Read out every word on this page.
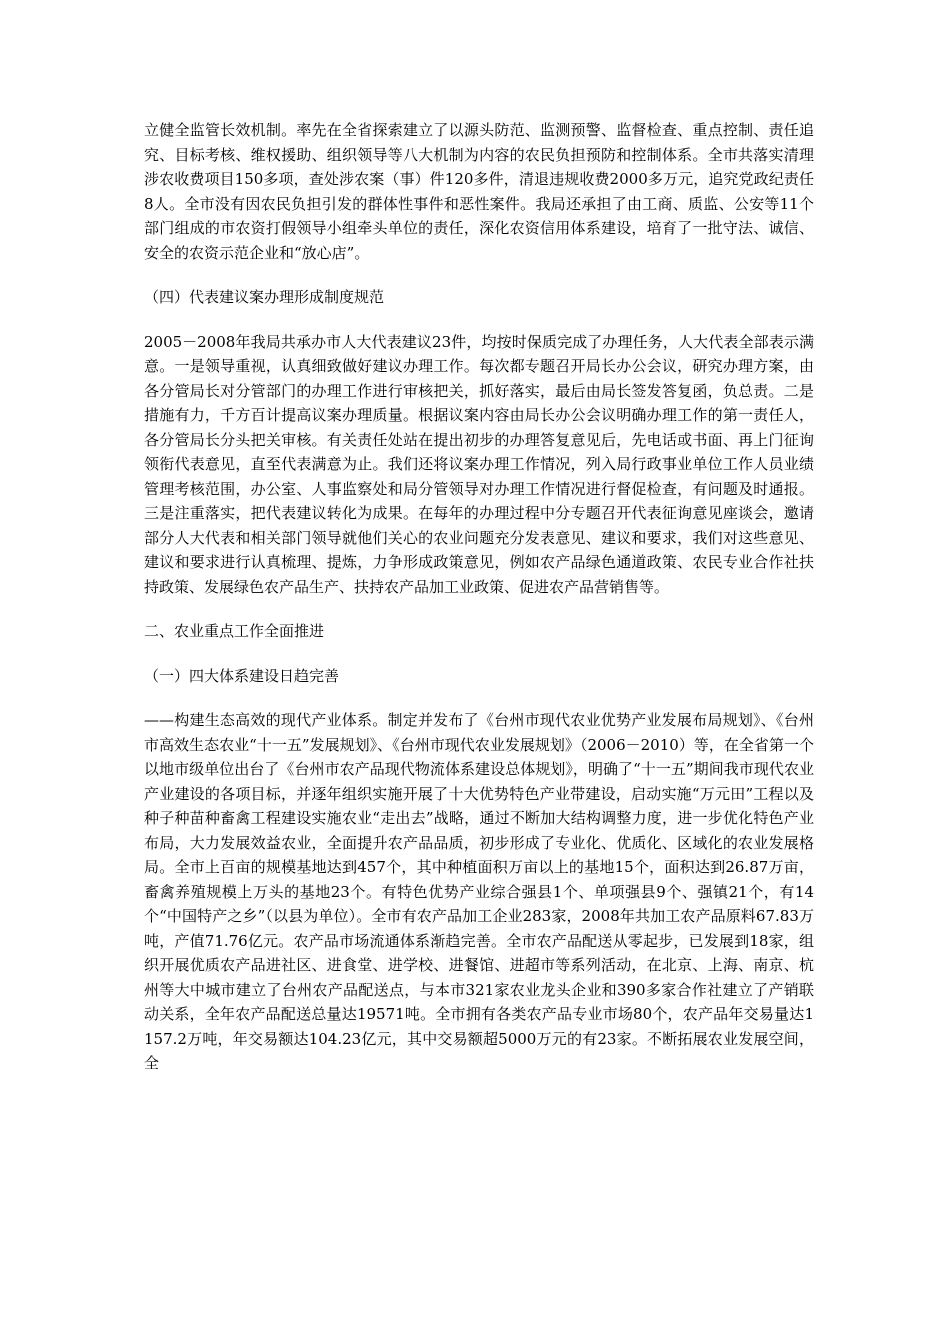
立健全监管长效机制。率先在全省探索建立了以源头防范、监测预警、监督检查、重点控制、责任追究、目标考核、维权援助、组织领导等八大机制为内容的农民负担预防和控制体系。全市共落实清理涉农收费项目150多项，查处涉农案（事）件120多件，清退违规收费2000多万元，追究党政纪责任8人。全市没有因农民负担引发的群体性事件和恶性案件。我局还承担了由工商、质监、公安等11个部门组成的市农资打假领导小组牵头单位的责任，深化农资信用体系建设，培育了一批守法、诚信、安全的农资示范企业和“放心店”。

（四）代表建议案办理形成制度规范

2005－2008年我局共承办市人大代表建议23件，均按时保质完成了办理任务，人大代表全部表示满意。一是领导重视，认真细致做好建议办理工作。每次都专题召开局长办公会议，研究办理方案，由各分管局长对分管部门的办理工作进行审核把关，抓好落实，最后由局长签发答复函，负总责。二是措施有力，千方百计提高议案办理质量。根据议案内容由局长办公会议明确办理工作的第一责任人，各分管局长分头把关审核。有关责任处站在提出初步的办理答复意见后，先电话或书面、再上门征询领衔代表意见，直至代表满意为止。我们还将议案办理工作情况，列入局行政事业单位工作人员业绩管理考核范围，办公室、人事监察处和局分管领导对办理工作情况进行督促检查，有问题及时通报。三是注重落实，把代表建议转化为成果。在每年的办理过程中分专题召开代表征询意见座谈会，邀请部分人大代表和相关部门领导就他们关心的农业问题充分发表意见、建议和要求，我们对这些意见、建议和要求进行认真梳理、提炼，力争形成政策意见，例如农产品绿色通道政策、农民专业合作社扶持政策、发展绿色农产品生产、扶持农产品加工业政策、促进农产品营销售等。

二、农业重点工作全面推进

（一）四大体系建设日趋完善

——构建生态高效的现代产业体系。制定并发布了《台州市现代农业优势产业发展布局规划》、《台州市高效生态农业“十一五”发展规划》、《台州市现代农业发展规划》（2006－2010）等，在全省第一个以地市级单位出台了《台州市农产品现代物流体系建设总体规划》，明确了“十一五”期间我市现代农业产业建设的各项目标，并逐年组织实施开展了十大优势特色产业带建设，启动实施“万元田”工程以及种子种苗种畜禽工程建设实施农业“走出去”战略，通过不断加大结构调整力度，进一步优化特色产业布局，大力发展效益农业，全面提升农产品品质，初步形成了专业化、优质化、区域化的农业发展格局。全市上百亩的规模基地达到457个，其中种植面积万亩以上的基地15个，面积达到26.87万亩，畜禽养殖规模上万头的基地23个。有特色优势产业综合强县1个、单项强县9个、强镇21个，有14个“中国特产之乡”（以县为单位）。全市有农产品加工企业283家，2008年共加工农产品原料67.83万吨，产值71.76亿元。农产品市场流通体系渐趋完善。全市农产品配送从零起步，已发展到18家，组织开展优质农产品进社区、进食堂、进学校、进餐馆、进超市等系列活动，在北京、上海、南京、杭州等大中城市建立了台州农产品配送点，与本市321家农业龙头企业和390多家合作社建立了产销联动关系，全年农产品配送总量达19571吨。全市拥有各类农产品专业市场80个，农产品年交易量达1157.2万吨，年交易额达104.23亿元，其中交易额超5000万元的有23家。不断拓展农业发展空间，全
